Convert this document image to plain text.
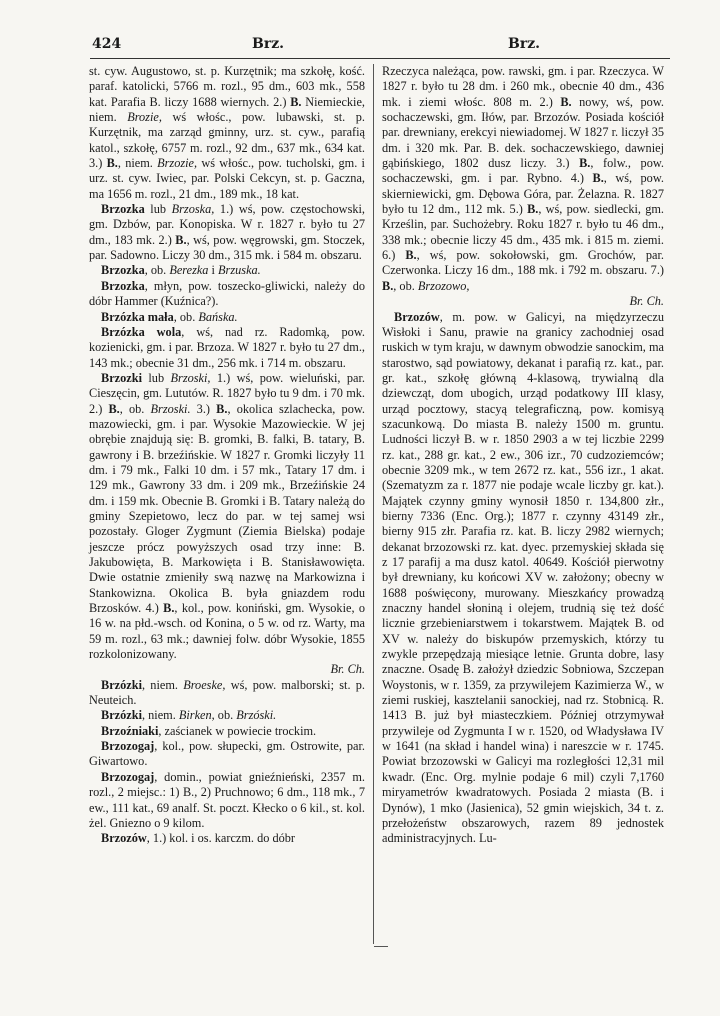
424	Brz.	Brz.

st. cyw. Augustowo, st. p. Kurzętnik; ma szkołę, kość. paraf. katolicki, 5766 m. rozl., 95 dm., 603 mk., 558 kat. Parafia B. liczy 1688 wiernych. 2.) B. Niemieckie, niem. Brozie, wś włośc., pow. lubawski, st. p. Kurzętnik, ma zarząd gminny, urz. st. cyw., parafią katol., szkołę, 6757 m. rozl., 92 dm., 637 mk., 634 kat. 3.) B., niem. Brzozie, wś włośc., pow. tucholski, gm. i urz. st. cyw. Iwiec, par. Polski Cekcyn, st. p. Gaczna, ma 1656 m. rozl., 21 dm., 189 mk., 18 kat.

Brzozka lub Brzoska, 1.) wś, pow. częstochowski, gm. Dzbów, par. Konopiska. W r. 1827 r. było tu 27 dm., 183 mk. 2.) B., wś, pow. węgrowski, gm. Stoczek, par. Sadowno. Liczy 30 dm., 315 mk. i 584 m. obszaru.

Brzozka, ob. Berezka i Brzuska.

Brzozka, młyn, pow. toszecko-gliwicki, należy do dóbr Hammer (Kuźnica?).

Brzózka mała, ob. Bańska.

Brzózka wola, wś, nad rz. Radomką, pow. kozienicki, gm. i par. Brzoza. W 1827 r. było tu 27 dm., 143 mk.; obecnie 31 dm., 256 mk. i 714 m. obszaru.

Brzozki lub Brzoski, 1.) wś, pow. wieluński, par. Cieszęcin, gm. Lututów. R. 1827 było tu 9 dm. i 70 mk. 2.) B., ob. Brzoski. 3.) B., okolica szlachecka, pow. mazowiecki, gm. i par. Wysokie Mazowieckie. W jej obrębie znajdują się: B. gromki, B. falki, B. tatary, B. gawrony i B. brzeźińskie. W 1827 r. Gromki liczyły 11 dm. i 79 mk., Falki 10 dm. i 57 mk., Tatary 17 dm. i 129 mk., Gawrony 33 dm. i 209 mk., Brzeźińskie 24 dm. i 159 mk. Obecnie B. Gromki i B. Tatary należą do gminy Szepietowo, lecz do par. w tej samej wsi pozostały. Gloger Zygmunt (Ziemia Bielska) podaje jeszcze prócz powyższych osad trzy inne: B. Jakubowięta, B. Markowięta i B. Stanisławowięta. Dwie ostatnie zmieniły swą nazwę na Markowizna i Stankowizna. Okolica B. była gniazdem rodu Brzosków. 4.) B., kol., pow. koniński, gm. Wysokie, o 16 w. na płd.-wsch. od Konina, o 5 w. od rz. Warty, ma 59 m. rozl., 63 mk.; dawniej folw. dóbr Wysokie, 1855 rozkolonizowany.
Br. Ch.

Brzózki, niem. Broeske, wś, pow. malborski; st. p. Neuteich.

Brzózki, niem. Birken, ob. Brzóski.

Brzoźniaki, zaścianek w powiecie trockim.

Brzozogaj, kol., pow. słupecki, gm. Ostrowite, par. Giwartowo.

Brzozogaj, domin., powiat gnieźnieński, 2357 m. rozl., 2 miejsc.: 1) B., 2) Pruchnowo; 6 dm., 118 mk., 7 ew., 111 kat., 69 analf. St. poczt. Kłecko o 6 kil., st. kol. żel. Gniezno o 9 kilom.

Brzozów, 1.) kol. i os. karczm. do dóbr

Rzeczyca należąca, pow. rawski, gm. i par. Rzeczyca. W 1827 r. było tu 28 dm. i 260 mk., obecnie 40 dm., 436 mk. i ziemi włośc. 808 m. 2.) B. nowy, wś, pow. sochaczewski, gm. Iłów, par. Brzozów. Posiada kościół par. drewniany, erekcyi niewiadomej. W 1827 r. liczył 35 dm. i 320 mk. Par. B. dek. sochaczewskiego, dawniej gąbińskiego, 1802 dusz liczy. 3.) B., folw., pow. sochaczewski, gm. i par. Rybno. 4.) B., wś, pow. skierniewicki, gm. Dębowa Góra, par. Żelazna. R. 1827 było tu 12 dm., 112 mk. 5.) B., wś, pow. siedlecki, gm. Krześlin, par. Suchożebry. Roku 1827 r. było tu 46 dm., 338 mk.; obecnie liczy 45 dm., 435 mk. i 815 m. ziemi. 6.) B., wś, pow. sokołowski, gm. Grochów, par. Czerwonka. Liczy 16 dm., 188 mk. i 792 m. obszaru. 7.) B., ob. Brzozowo,
Br. Ch.

Brzozów, m. pow. w Galicyi, na międzyrzeczu Wisłoki i Sanu, prawie na granicy zachodniej osad ruskich w tym kraju, w dawnym obwodzie sanockim, ma starostwo, sąd powiatowy, dekanat i parafią rz. kat., par. gr. kat., szkołę główną 4-klasową, trywialną dla dziewcząt, dom ubogich, urząd podatkowy III klasy, urząd pocztowy, stacyą telegraficzną, pow. komisyą szacunkową. Do miasta B. należy 1500 m. gruntu. Ludności liczył B. w r. 1850 2903 a w tej liczbie 2299 rz. kat., 288 gr. kat., 2 ew., 306 izr., 70 cudzoziemców; obecnie 3209 mk., w tem 2672 rz. kat., 556 izr., 1 akat. (Szematyzm za r. 1877 nie podaje wcale liczby gr. kat.). Majątek czynny gminy wynosił 1850 r. 134,800 złr., bierny 7336 (Enc. Org.); 1877 r. czynny 43149 złr., bierny 915 złr. Parafia rz. kat. B. liczy 2982 wiernych; dekanat brzozowski rz. kat. dyec. przemyskiej składa się z 17 parafij a ma dusz katol. 40649. Kościół pierwotny był drewniany, ku końcowi XV w. założony; obecny w 1688 poświęcony, murowany. Mieszkańcy prowadzą znaczny handel słoniną i olejem, trudnią się też dość licznie grzebieniarstwem i tokarstwem. Majątek B. od XV w. należy do biskupów przemyskich, którzy tu zwykle przepędzają miesiące letnie. Grunta dobre, lasy znaczne. Osadę B. założył dziedzic Sobniowa, Szczepan Woystonis, w r. 1359, za przywilejem Kazimierza W., w ziemi ruskiej, kasztelanii sanockiej, nad rz. Stobnicą. R. 1413 B. już był miasteczkiem. Później otrzymywał przywileje od Zygmunta I w r. 1520, od Władysława IV w 1641 (na skład i handel wina) i nareszcie w r. 1745. Powiat brzozowski w Galicyi ma rozległości 12,31 mil kwadr. (Enc. Org. mylnie podaje 6 mil) czyli 7,1760 miryametrów kwadratowych. Posiada 2 miasta (B. i Dynów), 1 mko (Jasienica), 52 gmin wiejskich, 34 t. z. przełożeństw obszarowych, razem 89 jednostek administracyjnych. Lu-
